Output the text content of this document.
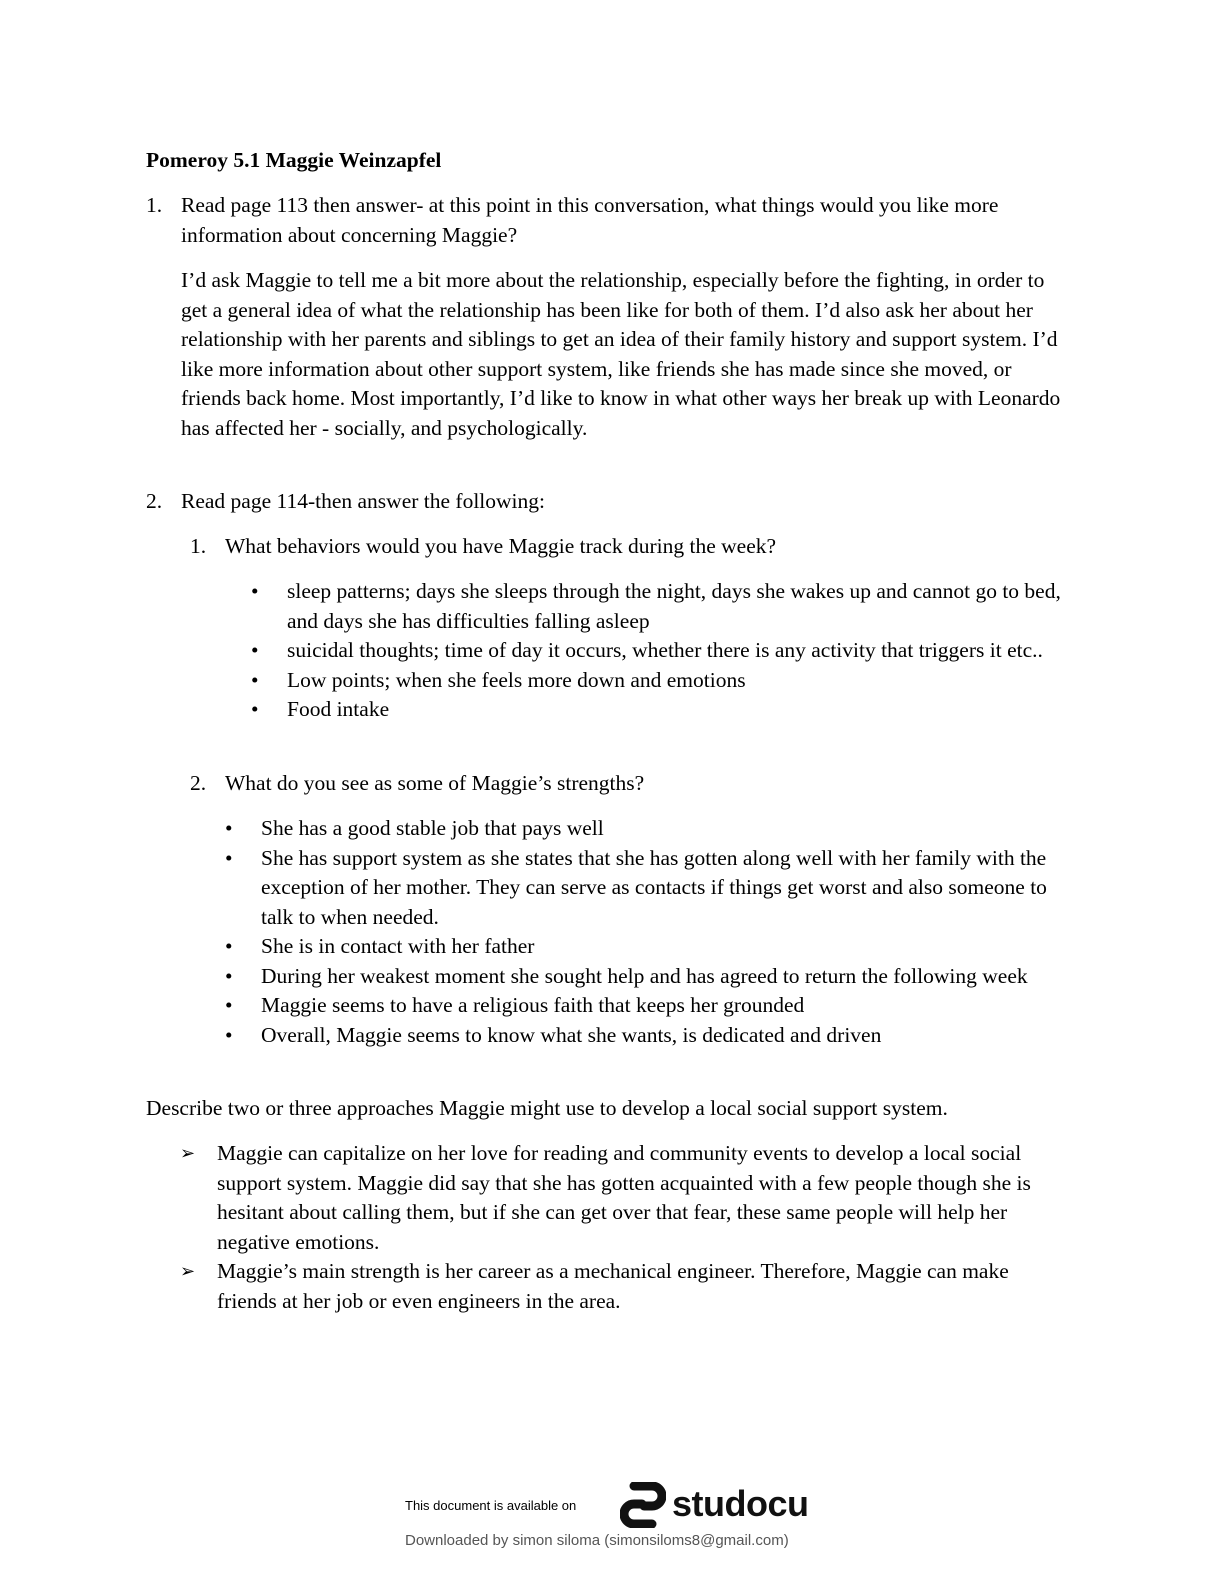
Pomeroy 5.1 Maggie Weinzapfel
1. Read page 113 then answer- at this point in this conversation, what things would you like more information about concerning Maggie?
I’d ask Maggie to tell me a bit more about the relationship, especially before the fighting, in order to get a general idea of what the relationship has been like for both of them. I’d also ask her about her relationship with her parents and siblings to get an idea of their family history and support system. I’d like more information about other support system, like friends she has made since she moved, or friends back home. Most importantly, I’d like to know in what other ways her break up with Leonardo has affected her - socially, and psychologically.
2. Read page 114-then answer the following:
1. What behaviors would you have Maggie track during the week?
•	sleep patterns; days she sleeps through the night, days she wakes up and cannot go to bed, and days she has difficulties falling asleep
•	suicidal thoughts; time of day it occurs, whether there is any activity that triggers it etc..
•	Low points; when she feels more down and emotions
•	Food intake
2. What do you see as some of Maggie’s strengths?
•	She has a good stable job that pays well
•	She has support system as she states that she has gotten along well with her family with the exception of her mother. They can serve as contacts if things get worst and also someone to talk to when needed.
•	She is in contact with her father
•	During her weakest moment she sought help and has agreed to return the following week
•	Maggie seems to have a religious faith that keeps her grounded
•	Overall, Maggie seems to know what she wants, is dedicated and driven
Describe two or three approaches Maggie might use to develop a local social support system.
➢ Maggie can capitalize on her love for reading and community events to develop a local social support system. Maggie did say that she has gotten acquainted with a few people though she is hesitant about calling them, but if she can get over that fear, these same people will help her negative emotions.
➢ Maggie’s main strength is her career as a mechanical engineer. Therefore, Maggie can make friends at her job or even engineers in the area.
This document is available on	studocu
Downloaded by simon siloma (simonsiloms8@gmail.com)
